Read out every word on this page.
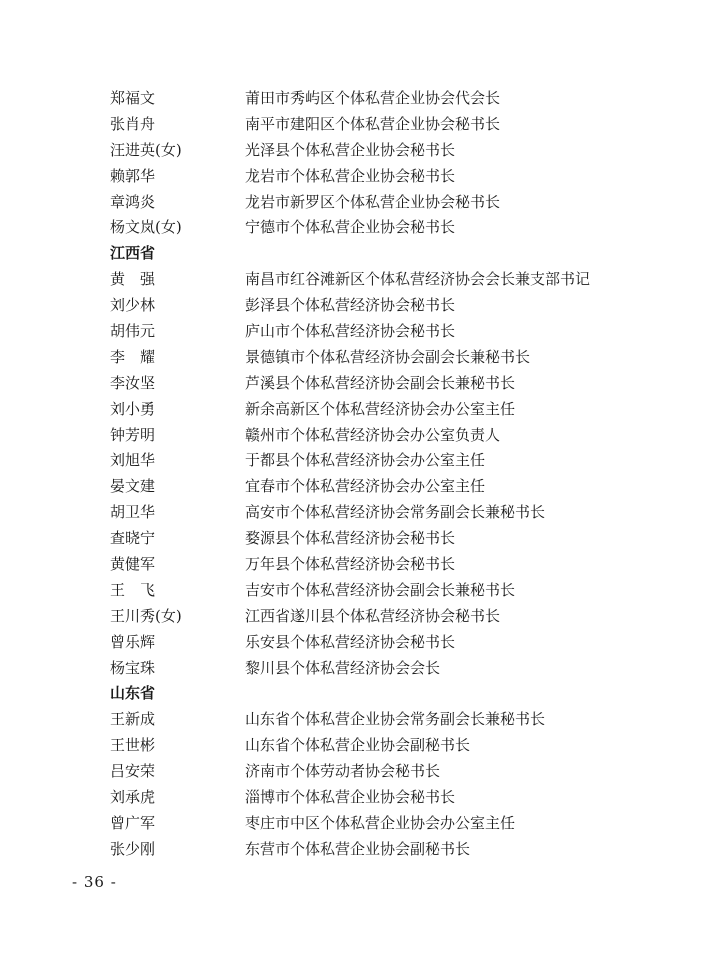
郑福文	莆田市秀屿区个体私营企业协会代会长
张肖舟	南平市建阳区个体私营企业协会秘书长
汪进英(女)	光泽县个体私营企业协会秘书长
赖郭华	龙岩市个体私营企业协会秘书长
章鸿炎	龙岩市新罗区个体私营企业协会秘书长
杨文岚(女)	宁德市个体私营企业协会秘书长
江西省
黄　强	南昌市红谷滩新区个体私营经济协会会长兼支部书记
刘少林	彭泽县个体私营经济协会秘书长
胡伟元	庐山市个体私营经济协会秘书长
李　耀	景德镇市个体私营经济协会副会长兼秘书长
李汝坚	芦溪县个体私营经济协会副会长兼秘书长
刘小勇	新余高新区个体私营经济协会办公室主任
钟芳明	赣州市个体私营经济协会办公室负责人
刘旭华	于都县个体私营经济协会办公室主任
晏文建	宜春市个体私营经济协会办公室主任
胡卫华	高安市个体私营经济协会常务副会长兼秘书长
查晓宁	婺源县个体私营经济协会秘书长
黄健军	万年县个体私营经济协会秘书长
王　飞	吉安市个体私营经济协会副会长兼秘书长
王川秀(女)	江西省遂川县个体私营经济协会秘书长
曾乐辉	乐安县个体私营经济协会秘书长
杨宝珠	黎川县个体私营经济协会会长
山东省
王新成	山东省个体私营企业协会常务副会长兼秘书长
王世彬	山东省个体私营企业协会副秘书长
吕安荣	济南市个体劳动者协会秘书长
刘承虎	淄博市个体私营企业协会秘书长
曾广军	枣庄市中区个体私营企业协会办公室主任
张少刚	东营市个体私营企业协会副秘书长
- 36 -
